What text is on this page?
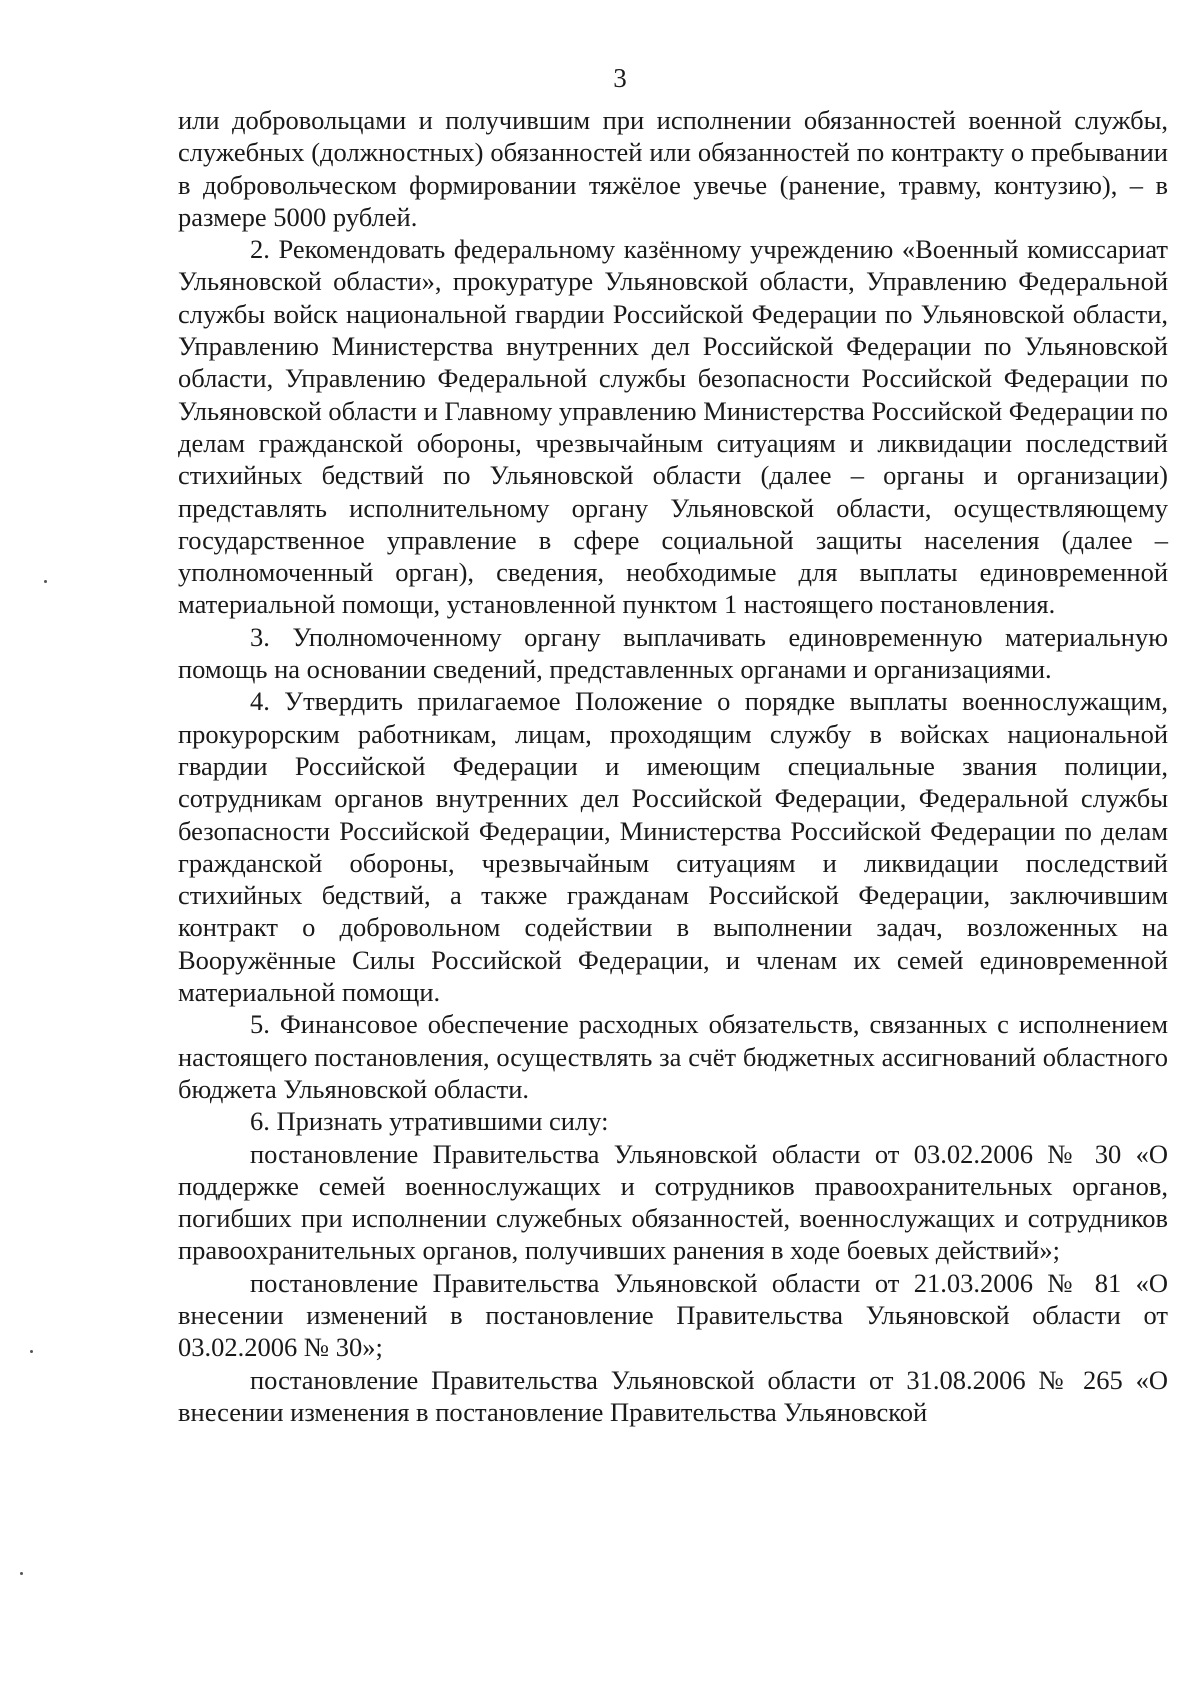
3

или добровольцами и получившим при исполнении обязанностей военной службы, служебных (должностных) обязанностей или обязанностей по контракту о пребывании в добровольческом формировании тяжёлое увечье (ранение, травму, контузию), – в размере 5000 рублей.

2. Рекомендовать федеральному казённому учреждению «Военный комиссариат Ульяновской области», прокуратуре Ульяновской области, Управлению Федеральной службы войск национальной гвардии Российской Федерации по Ульяновской области, Управлению Министерства внутренних дел Российской Федерации по Ульяновской области, Управлению Федеральной службы безопасности Российской Федерации по Ульяновской области и Главному управлению Министерства Российской Федерации по делам гражданской обороны, чрезвычайным ситуациям и ликвидации последствий стихийных бедствий по Ульяновской области (далее – органы и организации) представлять исполнительному органу Ульяновской области, осуществляющему государственное управление в сфере социальной защиты населения (далее – уполномоченный орган), сведения, необходимые для выплаты единовременной материальной помощи, установленной пунктом 1 настоящего постановления.

3. Уполномоченному органу выплачивать единовременную материальную помощь на основании сведений, представленных органами и организациями.

4. Утвердить прилагаемое Положение о порядке выплаты военнослужащим, прокурорским работникам, лицам, проходящим службу в войсках национальной гвардии Российской Федерации и имеющим специальные звания полиции, сотрудникам органов внутренних дел Российской Федерации, Федеральной службы безопасности Российской Федерации, Министерства Российской Федерации по делам гражданской обороны, чрезвычайным ситуациям и ликвидации последствий стихийных бедствий, а также гражданам Российской Федерации, заключившим контракт о добровольном содействии в выполнении задач, возложенных на Вооружённые Силы Российской Федерации, и членам их семей единовременной материальной помощи.

5. Финансовое обеспечение расходных обязательств, связанных с исполнением настоящего постановления, осуществлять за счёт бюджетных ассигнований областного бюджета Ульяновской области.

6. Признать утратившими силу:

постановление Правительства Ульяновской области от 03.02.2006 № 30 «О поддержке семей военнослужащих и сотрудников правоохранительных органов, погибших при исполнении служебных обязанностей, военнослужащих и сотрудников правоохранительных органов, получивших ранения в ходе боевых действий»;

постановление Правительства Ульяновской области от 21.03.2006 № 81 «О внесении изменений в постановление Правительства Ульяновской области от 03.02.2006 № 30»;

постановление Правительства Ульяновской области от 31.08.2006 № 265 «О внесении изменения в постановление Правительства Ульяновской
